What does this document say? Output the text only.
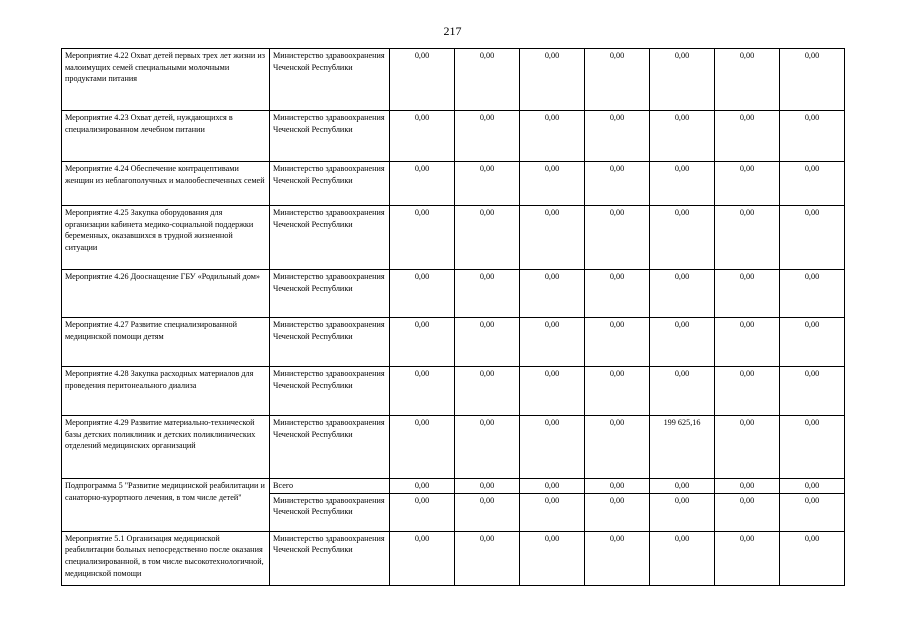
217
Мероприятие 4.22 Охват детей первых трех лет жизни из малоимущих семей специальными молочными продуктами питания	Министерство здравоохранения Чеченской Республики	0,00	0,00	0,00	0,00	0,00	0,00	0,00
Мероприятие 4.23 Охват детей, нуждающихся в специализированном лечебном питании	Министерство здравоохранения Чеченской Республики	0,00	0,00	0,00	0,00	0,00	0,00	0,00
Мероприятие 4.24 Обеспечение контрацептивами женщин из неблагополучных и малообеспеченных семей	Министерство здравоохранения Чеченской Республики	0,00	0,00	0,00	0,00	0,00	0,00	0,00
Мероприятие 4.25 Закупка оборудования для организации кабинета медико-социальной поддержки беременных, оказавшихся в трудной жизненной ситуации	Министерство здравоохранения Чеченской Республики	0,00	0,00	0,00	0,00	0,00	0,00	0,00
Мероприятие 4.26 Дооснащение ГБУ «Родильный дом»	Министерство здравоохранения Чеченской Республики	0,00	0,00	0,00	0,00	0,00	0,00	0,00
Мероприятие 4.27 Развитие специализированной медицинской помощи детям	Министерство здравоохранения Чеченской Республики	0,00	0,00	0,00	0,00	0,00	0,00	0,00
Мероприятие 4.28 Закупка расходных материалов для проведения перитонеального диализа	Министерство здравоохранения Чеченской Республики	0,00	0,00	0,00	0,00	0,00	0,00	0,00
Мероприятие 4.29 Развитие материально-технической базы детских поликлиник и детских поликлинических отделений медицинских организаций	Министерство здравоохранения Чеченской Республики	0,00	0,00	0,00	0,00	199 625,16	0,00	0,00
Подпрограмма 5 "Развитие медицинской реабилитации и санаторно-курортного лечения, в том числе детей"	Всего	0,00	0,00	0,00	0,00	0,00	0,00	0,00
	Министерство здравоохранения Чеченской Республики	0,00	0,00	0,00	0,00	0,00	0,00	0,00
Мероприятие 5.1 Организация медицинской реабилитации больных непосредственно после оказания специализированной, в том числе высокотехнологичной, медицинской помощи	Министерство здравоохранения Чеченской Республики	0,00	0,00	0,00	0,00	0,00	0,00	0,00
